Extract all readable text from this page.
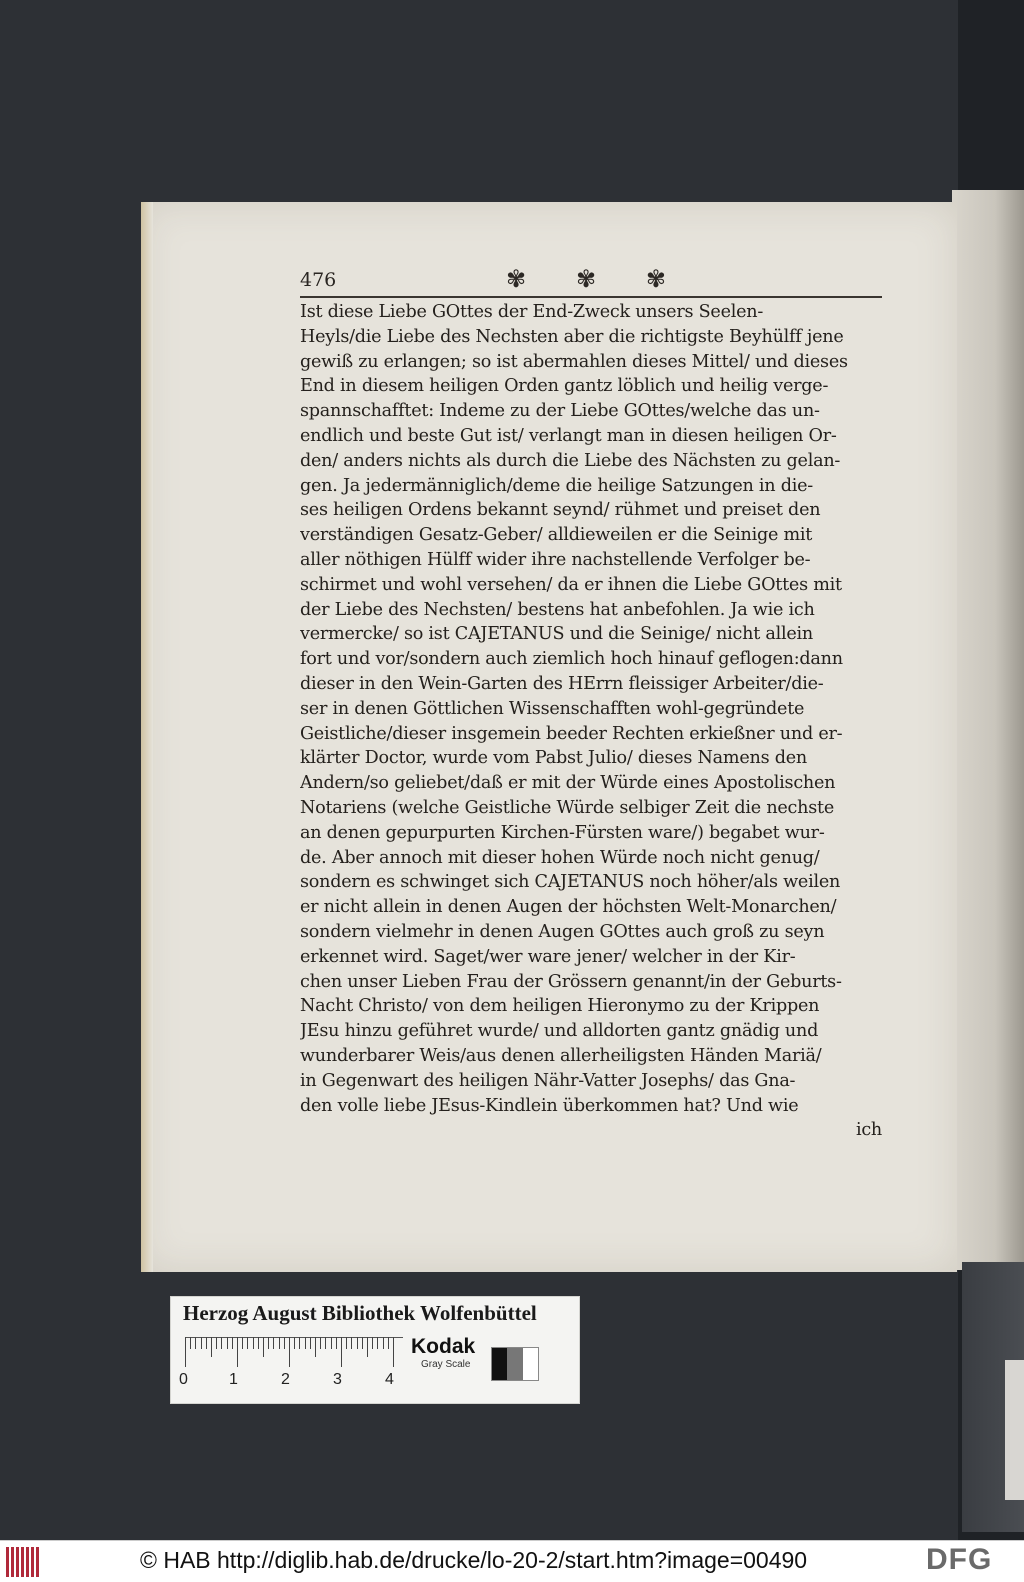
476	✾ ✾ ✾
Ist diese Liebe GOttes der End-Zweck unsers Seelen-
Heyls/die Liebe des Nechsten aber die richtigste Beyhülff jene
gewiß zu erlangen; so ist abermahlen dieses Mittel/ und dieses
End in diesem heiligen Orden gantz löblich und heilig verge-
spannschafftet: Indeme zu der Liebe GOttes/welche das un-
endlich und beste Gut ist/ verlangt man in diesen heiligen Or-
den/ anders nichts als durch die Liebe des Nächsten zu gelan-
gen. Ja jedermänniglich/deme die heilige Satzungen in die-
ses heiligen Ordens bekannt seynd/ rühmet und preiset den
verständigen Gesatz-Geber/ alldieweilen er die Seinige mit
aller nöthigen Hülff wider ihre nachstellende Verfolger be-
schirmet und wohl versehen/ da er ihnen die Liebe GOttes mit
der Liebe des Nechsten/ bestens hat anbefohlen. Ja wie ich
vermercke/ so ist CAJETANUS und die Seinige/ nicht allein
fort und vor/sondern auch ziemlich hoch hinauf geflogen:dann
dieser in den Wein-Garten des HErrn fleissiger Arbeiter/die-
ser in denen Göttlichen Wissenschafften wohl-gegründete
Geistliche/dieser insgemein beeder Rechten erkießner und er-
klärter Doctor, wurde vom Pabst Julio/ dieses Namens den
Andern/so geliebet/daß er mit der Würde eines Apostolischen
Notariens (welche Geistliche Würde selbiger Zeit die nechste
an denen gepurpurten Kirchen-Fürsten ware/) begabet wur-
de. Aber annoch mit dieser hohen Würde noch nicht genug/
sondern es schwinget sich CAJETANUS noch höher/als weilen
er nicht allein in denen Augen der höchsten Welt-Monarchen/
sondern vielmehr in denen Augen GOttes auch groß zu seyn
erkennet wird. Saget/wer ware jener/ welcher in der Kir-
chen unser Lieben Frau der Grössern genannt/in der Geburts-
Nacht Christo/ von dem heiligen Hieronymo zu der Krippen
JEsu hinzu geführet wurde/ und alldorten gantz gnädig und
wunderbarer Weis/aus denen allerheiligsten Händen Mariä/
in Gegenwart des heiligen Nähr-Vatter Josephs/ das Gna-
den volle liebe JEsus-Kindlein überkommen hat? Und wie
ich
Herzog August Bibliothek Wolfenbüttel
0	1	2	3	4
Kodak
Gray Scale
© HAB http://diglib.hab.de/drucke/lo-20-2/start.htm?image=00490	DFG
